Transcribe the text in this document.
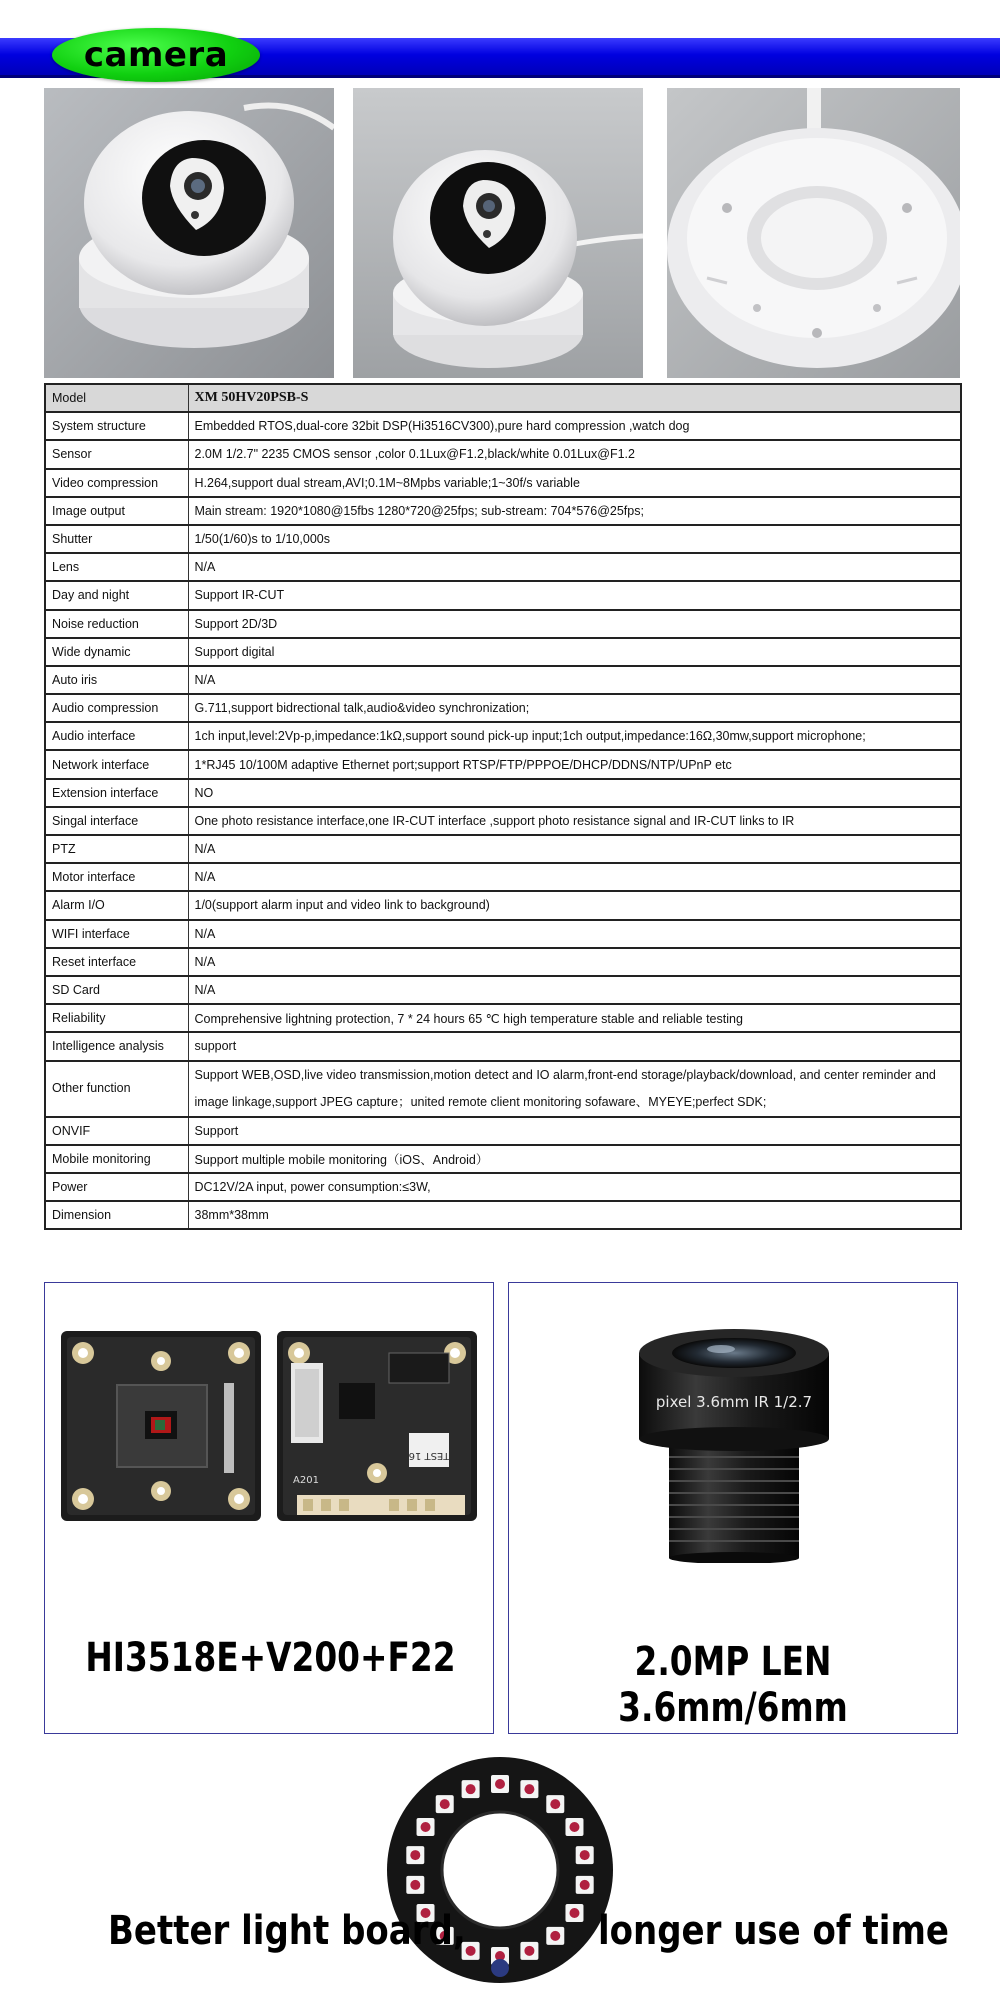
camera
Model	XM 50HV20PSB-S
System structure	Embedded RTOS,dual-core 32bit DSP(Hi3516CV300),pure hard compression ,watch dog
Sensor	2.0M 1/2.7" 2235 CMOS sensor ,color 0.1Lux@F1.2,black/white 0.01Lux@F1.2
Video compression	H.264,support dual stream,AVI;0.1M~8Mpbs variable;1~30f/s variable
Image output	Main stream: 1920*1080@15fbs 1280*720@25fps; sub-stream: 704*576@25fps;
Shutter	1/50(1/60)s to 1/10,000s
Lens	N/A
Day and night	Support IR-CUT
Noise reduction	Support 2D/3D
Wide dynamic	Support digital
Auto iris	N/A
Audio compression	G.711,support bidrectional talk,audio&video synchronization;
Audio interface	1ch input,level:2Vp-p,impedance:1kΩ,support sound pick-up input;1ch output,impedance:16Ω,30mw,support microphone;
Network interface	1*RJ45 10/100M adaptive Ethernet port;support RTSP/FTP/PPPOE/DHCP/DDNS/NTP/UPnP etc
Extension interface	NO
Singal interface	One photo resistance interface,one IR-CUT interface ,support photo resistance signal and IR-CUT links to IR
PTZ	N/A
Motor interface	N/A
Alarm I/O	1/0(support alarm input and video link to background)
WIFI interface	N/A
Reset interface	N/A
SD Card	N/A
Reliability	Comprehensive lightning protection, 7 * 24 hours 65 ℃ high temperature stable and reliable testing
Intelligence analysis	support
Other function	Support WEB,OSD,live video transmission,motion detect and IO alarm,front-end storage/playback/download, and center reminder and image linkage,support JPEG capture；united remote client monitoring sofaware、MYEYE;perfect SDK;
ONVIF	Support
Mobile monitoring	Support multiple mobile monitoring（iOS、Android）
Power	DC12V/2A input, power consumption:≤3W,
Dimension	38mm*38mm
TEST 16
A201
HI3518E+V200+F22
pixel 3.6mm IR 1/2.7
2.0MP LEN 3.6mm/6mm
Better light board,	longer use of time
